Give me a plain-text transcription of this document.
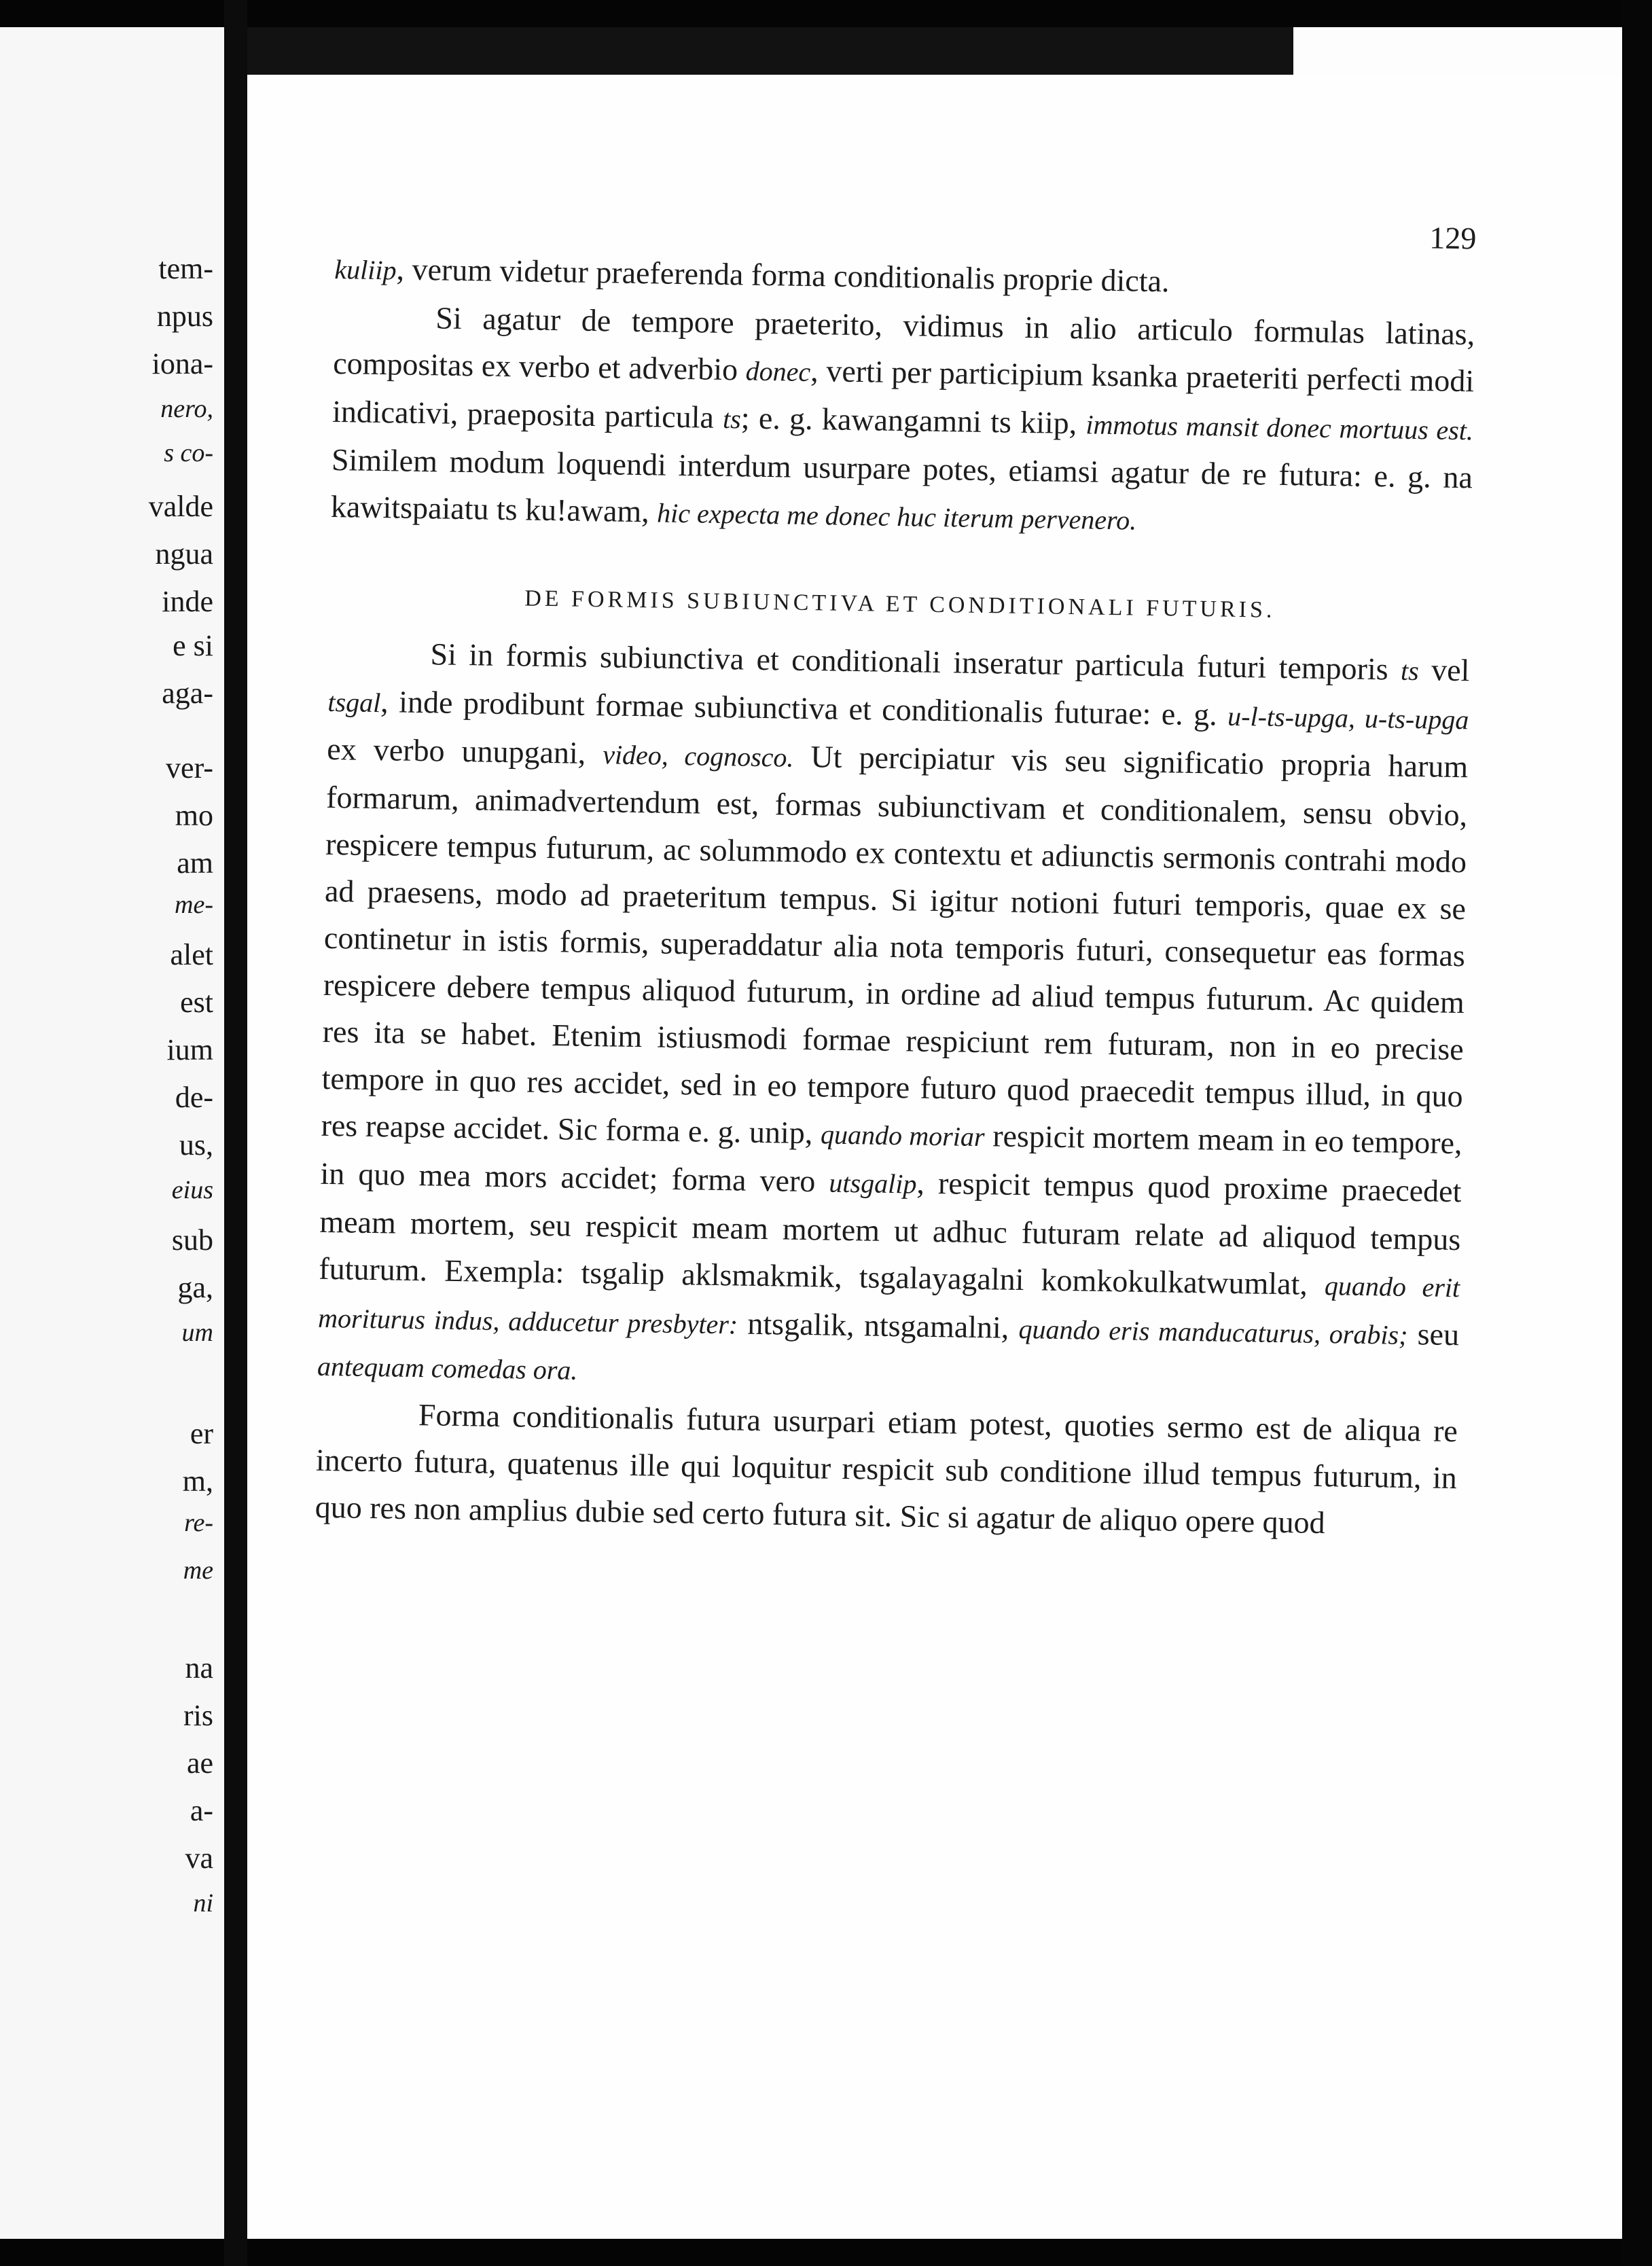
tem-
npus
iona-
nero,
s co-
valde
ngua
inde
e si
aga-
ver-
mo
am
me-
alet
est
ium
de-
us,
eius
sub
ga,
um
er
m,
re-
me
na
ris
ae
a-
va
ni
129

kuliip, verum videtur praeferenda forma conditionalis proprie dicta.

Si agatur de tempore praeterito, vidimus in alio articulo formulas latinas, compositas ex verbo et adverbio donec, verti per participium ksanka praeteriti perfecti modi indicativi, praeposita particula ts; e. g. kawangamni ts kiip, immotus mansit donec mortuus est. Similem modum loquendi interdum usurpare potes, etiamsi agatur de re futura: e. g. na kawitspaiatu ts ku!awam, hic expecta me donec huc iterum pervenero.

DE FORMIS SUBIUNCTIVA ET CONDITIONALI FUTURIS.

Si in formis subiunctiva et conditionali inseratur particula futuri temporis ts vel tsgal, inde prodibunt formae subiunctiva et conditionalis futurae: e. g. u-l-ts-upga, u-ts-upga ex verbo unupgani, video, cognosco. Ut percipiatur vis seu significatio propria harum formarum, animadvertendum est, formas subiunctivam et conditionalem, sensu obvio, respicere tempus futurum, ac solummodo ex contextu et adiunctis sermonis contrahi modo ad praesens, modo ad praeteritum tempus. Si igitur notioni futuri temporis, quae ex se continetur in istis formis, superaddatur alia nota temporis futuri, consequetur eas formas respicere debere tempus aliquod futurum, in ordine ad aliud tempus futurum. Ac quidem res ita se habet. Etenim istiusmodi formae respiciunt rem futuram, non in eo precise tempore in quo res accidet, sed in eo tempore futuro quod praecedit tempus illud, in quo res reapse accidet. Sic forma e. g. unip, quando moriar respicit mortem meam in eo tempore, in quo mea mors accidet; forma vero utsgalip, respicit tempus quod proxime praecedet meam mortem, seu respicit meam mortem ut adhuc futuram relate ad aliquod tempus futurum. Exempla: tsgalip aklsmakmik, tsgalayagalni komkokulkatwumlat, quando erit moriturus indus, adducetur presbyter: ntsgalik, ntsgamalni, quando eris manducaturus, orabis; seu antequam comedas ora.

Forma conditionalis futura usurpari etiam potest, quoties sermo est de aliqua re incerto futura, quatenus ille qui loquitur respicit sub conditione illud tempus futurum, in quo res non amplius dubie sed certo futura sit. Sic si agatur de aliquo opere quod
